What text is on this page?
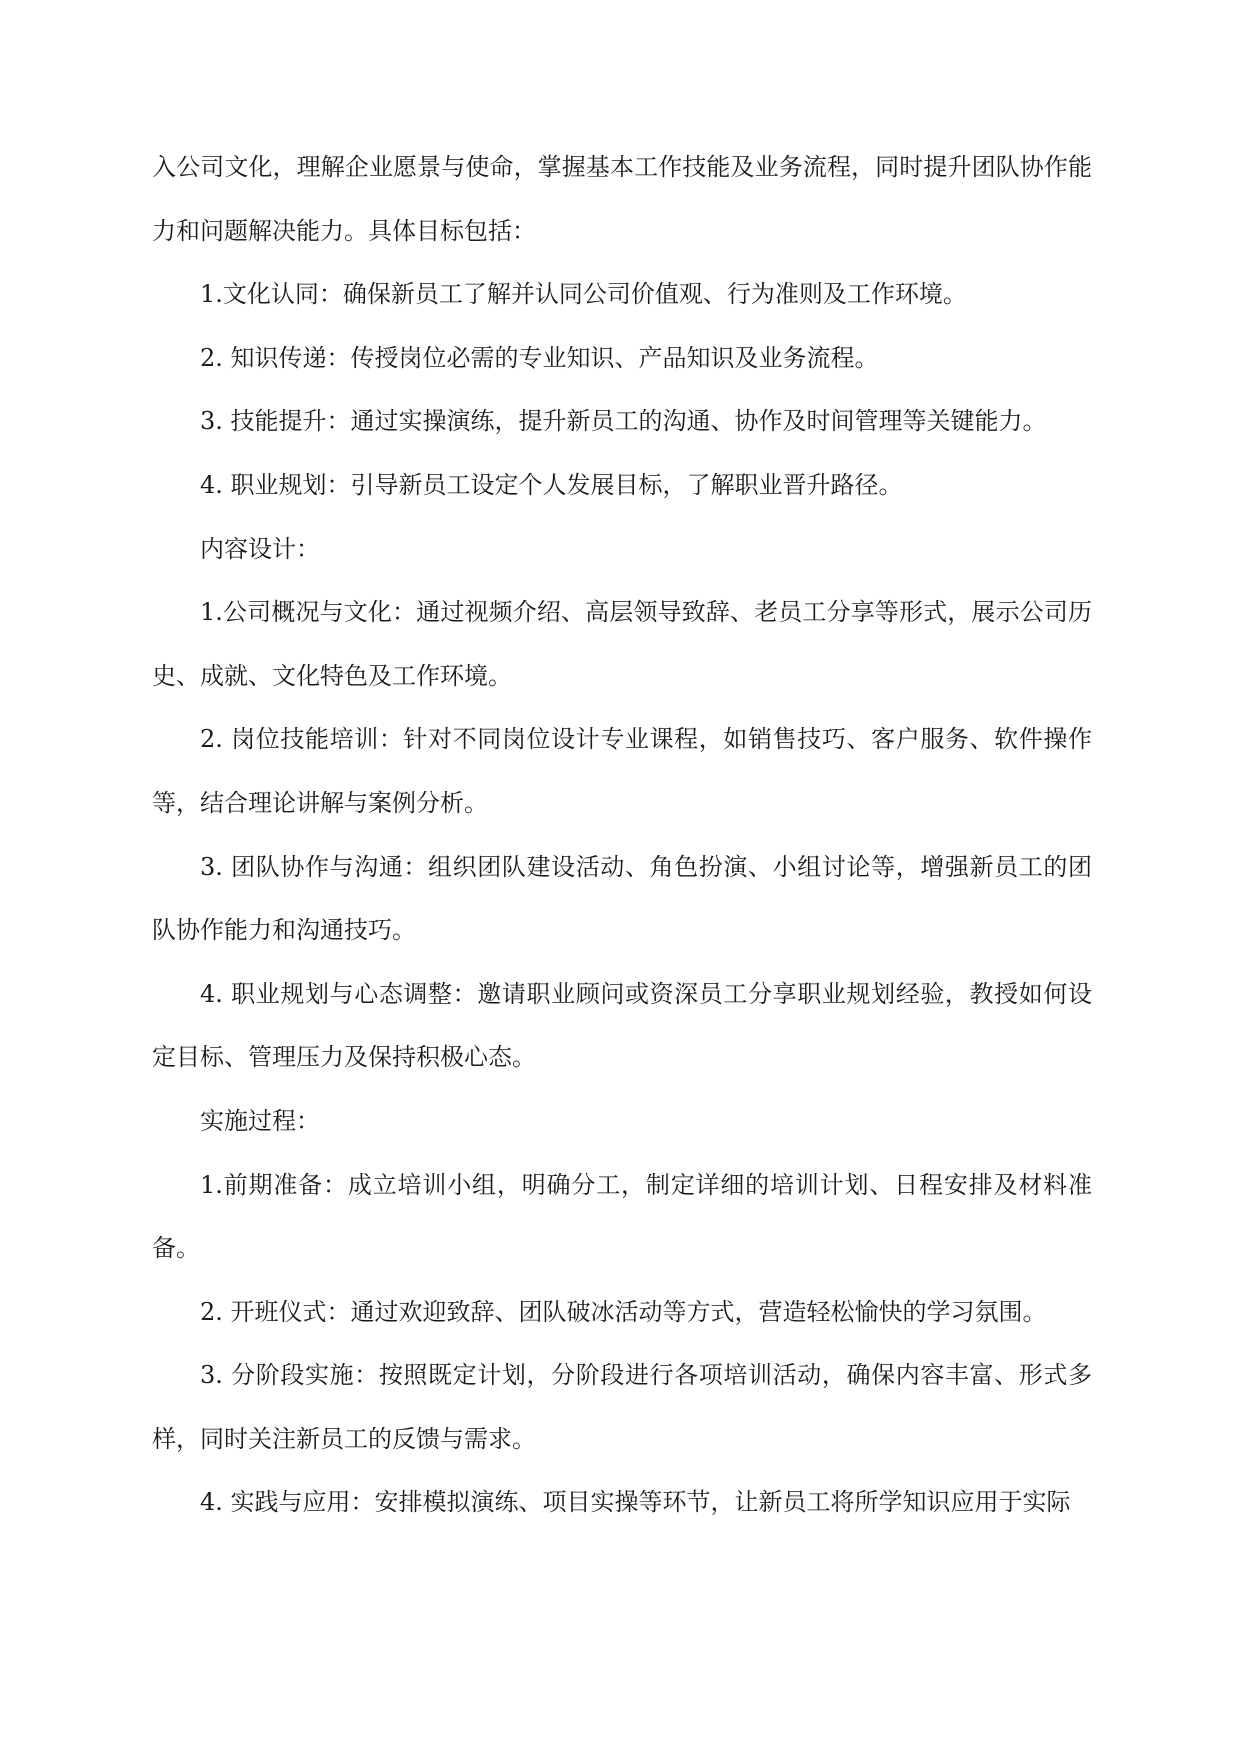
入公司文化，理解企业愿景与使命，掌握基本工作技能及业务流程，同时提升团队协作能力和问题解决能力。具体目标包括：

1.文化认同：确保新员工了解并认同公司价值观、行为准则及工作环境。

2. 知识传递：传授岗位必需的专业知识、产品知识及业务流程。

3. 技能提升：通过实操演练，提升新员工的沟通、协作及时间管理等关键能力。

4. 职业规划：引导新员工设定个人发展目标，了解职业晋升路径。

内容设计：

1.公司概况与文化：通过视频介绍、高层领导致辞、老员工分享等形式，展示公司历史、成就、文化特色及工作环境。

2. 岗位技能培训：针对不同岗位设计专业课程，如销售技巧、客户服务、软件操作等，结合理论讲解与案例分析。

3. 团队协作与沟通：组织团队建设活动、角色扮演、小组讨论等，增强新员工的团队协作能力和沟通技巧。

4. 职业规划与心态调整：邀请职业顾问或资深员工分享职业规划经验，教授如何设定目标、管理压力及保持积极心态。

实施过程：

1.前期准备：成立培训小组，明确分工，制定详细的培训计划、日程安排及材料准备。

2. 开班仪式：通过欢迎致辞、团队破冰活动等方式，营造轻松愉快的学习氛围。

3. 分阶段实施：按照既定计划，分阶段进行各项培训活动，确保内容丰富、形式多样，同时关注新员工的反馈与需求。

4. 实践与应用：安排模拟演练、项目实操等环节，让新员工将所学知识应用于实际
